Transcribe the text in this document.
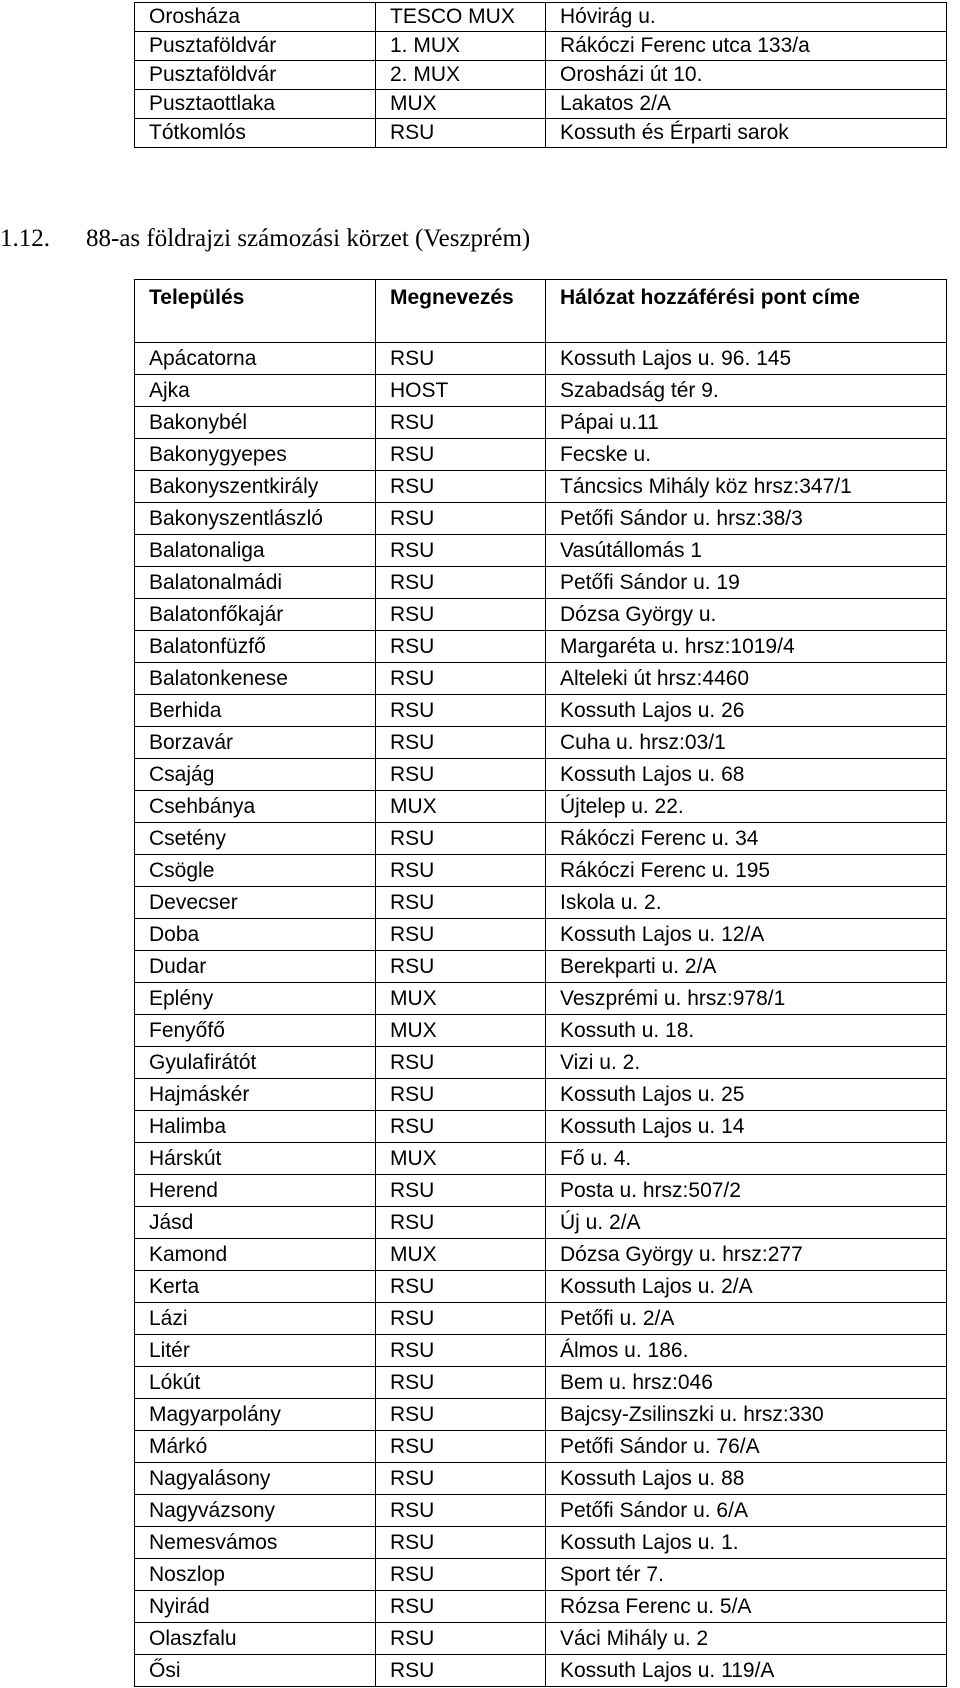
Orosháza	TESCO MUX	Hóvirág u.
Pusztaföldvár	1. MUX	Rákóczi Ferenc utca 133/a
Pusztaföldvár	2. MUX	Orosházi út 10.
Pusztaottlaka	MUX	Lakatos 2/A
Tótkomlós	RSU	Kossuth és Érparti sarok
1.12. 88-as földrajzi számozási körzet (Veszprém)
Település	Megnevezés	Hálózat hozzáférési pont címe
Apácatorna	RSU	Kossuth Lajos u. 96. 145
Ajka	HOST	Szabadság tér 9.
Bakonybél	RSU	Pápai u.11
Bakonygyepes	RSU	Fecske u.
Bakonyszentkirály	RSU	Táncsics Mihály köz hrsz:347/1
Bakonyszentlászló	RSU	Petőfi Sándor u. hrsz:38/3
Balatonaliga	RSU	Vasútállomás 1
Balatonalmádi	RSU	Petőfi Sándor u. 19
Balatonfőkajár	RSU	Dózsa György u.
Balatonfüzfő	RSU	Margaréta u. hrsz:1019/4
Balatonkenese	RSU	Alteleki út hrsz:4460
Berhida	RSU	Kossuth Lajos u. 26
Borzavár	RSU	Cuha u. hrsz:03/1
Csajág	RSU	Kossuth Lajos u. 68
Csehbánya	MUX	Újtelep u. 22.
Csetény	RSU	Rákóczi Ferenc u. 34
Csögle	RSU	Rákóczi Ferenc u. 195
Devecser	RSU	Iskola u. 2.
Doba	RSU	Kossuth Lajos u. 12/A
Dudar	RSU	Berekparti u. 2/A
Eplény	MUX	Veszprémi u. hrsz:978/1
Fenyőfő	MUX	Kossuth u. 18.
Gyulafirátót	RSU	Vizi u. 2.
Hajmáskér	RSU	Kossuth Lajos u. 25
Halimba	RSU	Kossuth Lajos u. 14
Hárskút	MUX	Fő u. 4.
Herend	RSU	Posta u. hrsz:507/2
Jásd	RSU	Új u. 2/A
Kamond	MUX	Dózsa György u. hrsz:277
Kerta	RSU	Kossuth Lajos u. 2/A
Lázi	RSU	Petőfi u. 2/A
Litér	RSU	Álmos u. 186.
Lókút	RSU	Bem u. hrsz:046
Magyarpolány	RSU	Bajcsy-Zsilinszki u. hrsz:330
Márkó	RSU	Petőfi Sándor u. 76/A
Nagyalásony	RSU	Kossuth Lajos u. 88
Nagyvázsony	RSU	Petőfi Sándor u. 6/A
Nemesvámos	RSU	Kossuth Lajos u. 1.
Noszlop	RSU	Sport tér 7.
Nyirád	RSU	Rózsa Ferenc u. 5/A
Olaszfalu	RSU	Váci Mihály u. 2
Ősi	RSU	Kossuth Lajos u. 119/A
